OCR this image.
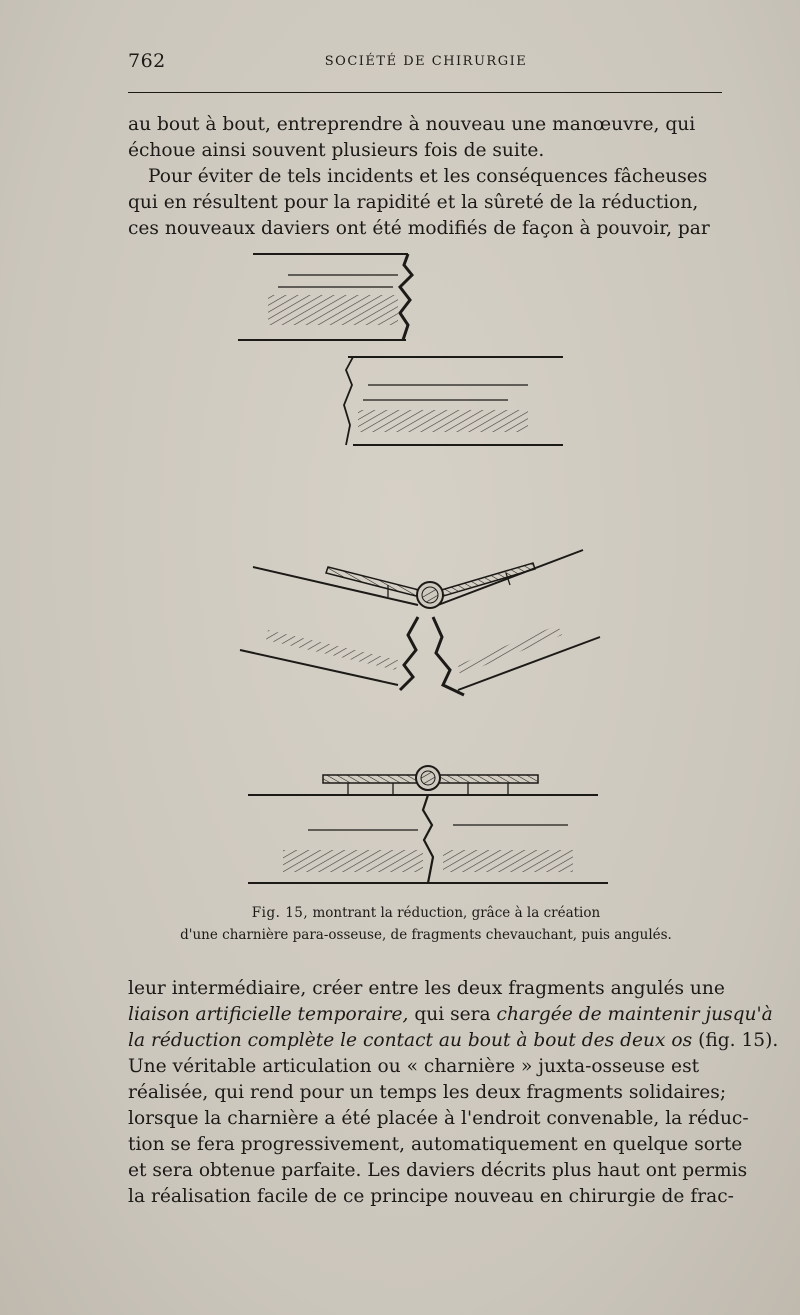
762	SOCIÉTÉ DE CHIRURGIE
au bout à bout, entreprendre à nouveau une manœuvre, qui
échoue ainsi souvent plusieurs fois de suite.
Pour éviter de tels incidents et les conséquences fâcheuses
qui en résultent pour la rapidité et la sûreté de la réduction,
ces nouveaux daviers ont été modifiés de façon à pouvoir, par
Fig. 15, montrant la réduction, grâce à la création
d'une charnière para-osseuse, de fragments chevauchant, puis angulés.
leur intermédiaire, créer entre les deux fragments angulés une
liaison artificielle temporaire, qui sera chargée de maintenir jusqu'à
la réduction complète le contact au bout à bout des deux os (fig. 15).
Une véritable articulation ou « charnière » juxta-osseuse est
réalisée, qui rend pour un temps les deux fragments solidaires;
lorsque la charnière a été placée à l'endroit convenable, la réduc-
tion se fera progressivement, automatiquement en quelque sorte
et sera obtenue parfaite. Les daviers décrits plus haut ont permis
la réalisation facile de ce principe nouveau en chirurgie de frac-
